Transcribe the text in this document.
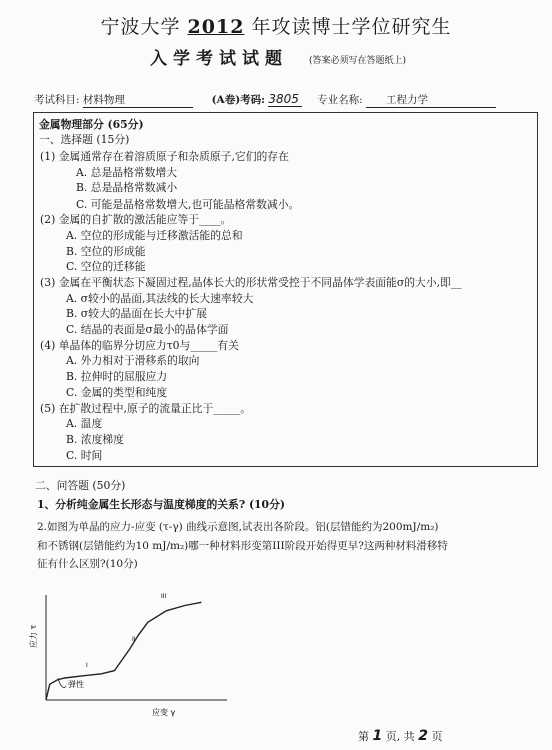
宁波大学 2012 年攻读博士学位研究生
入学考试试题 (答案必须写在答题纸上)
考试科目: 材料物理	(A卷)考码: 3805 专业名称: 工程力学
金属物理部分 (65分)
一、选择题 (15分)
(1) 金属通常存在着溶质原子和杂质原子,它们的存在
A. 总是晶格常数增大
B. 总是晶格常数减小
C. 可能是晶格常数增大,也可能晶格常数减小。
(2) 金属的自扩散的激活能应等于____。
A. 空位的形成能与迁移激活能的总和
B. 空位的形成能
C. 空位的迁移能
(3) 金属在平衡状态下凝固过程,晶体长大的形状常受控于不同晶体学表面能σ的大小,即__
A. σ较小的晶面,其法线的长大速率较大
B. σ较大的晶面在长大中扩展
C. 结晶的表面是σ最小的晶体学面
(4) 单晶体的临界分切应力τ0与_____有关
A. 外力相对于滑移系的取向
B. 拉伸时的屈服应力
C. 金属的类型和纯度
(5) 在扩散过程中,原子的流量正比于_____。
A. 温度
B. 浓度梯度
C. 时间
二、问答题 (50分)
1、分析纯金属生长形态与温度梯度的关系? (10分)
2.如图为单晶的应力-应变 (τ-γ) 曲线示意图,试表出各阶段。铝(层错能约为200mJ/m₂)
和不锈钢(层错能约为10 mJ/m₂)哪一种材料形变第III阶段开始得更早?这两种材料滑移特
征有什么区别?(10分)
应力 τ
应变 γ
弹性
I
II
III
第 1 页, 共 2 页
